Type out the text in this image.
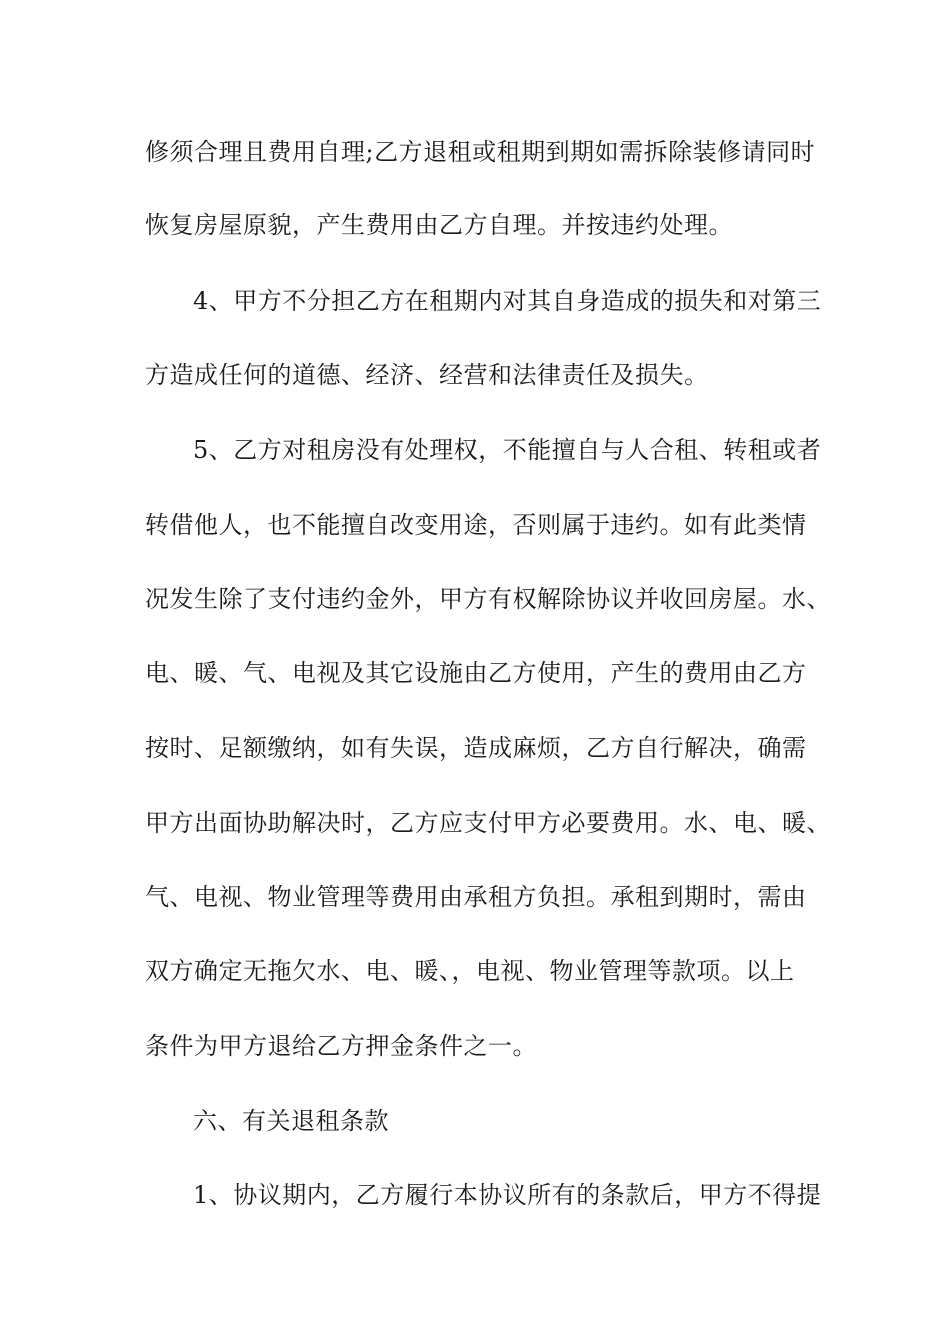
修须合理且费用自理;乙方退租或租期到期如需拆除装修请同时

恢复房屋原貌，产生费用由乙方自理。并按违约处理。

4、甲方不分担乙方在租期内对其自身造成的损失和对第三

方造成任何的道德、经济、经营和法律责任及损失。

5、乙方对租房没有处理权，不能擅自与人合租、转租或者

转借他人，也不能擅自改变用途，否则属于违约。如有此类情

况发生除了支付违约金外，甲方有权解除协议并收回房屋。水、

电、暖、气、电视及其它设施由乙方使用，产生的费用由乙方

按时、足额缴纳，如有失误，造成麻烦，乙方自行解决，确需

甲方出面协助解决时，乙方应支付甲方必要费用。水、电、暖、

气、电视、物业管理等费用由承租方负担。承租到期时，需由

双方确定无拖欠水、电、暖、，电视、物业管理等款项。以上

条件为甲方退给乙方押金条件之一。

六、有关退租条款

1、协议期内，乙方履行本协议所有的条款后，甲方不得提
